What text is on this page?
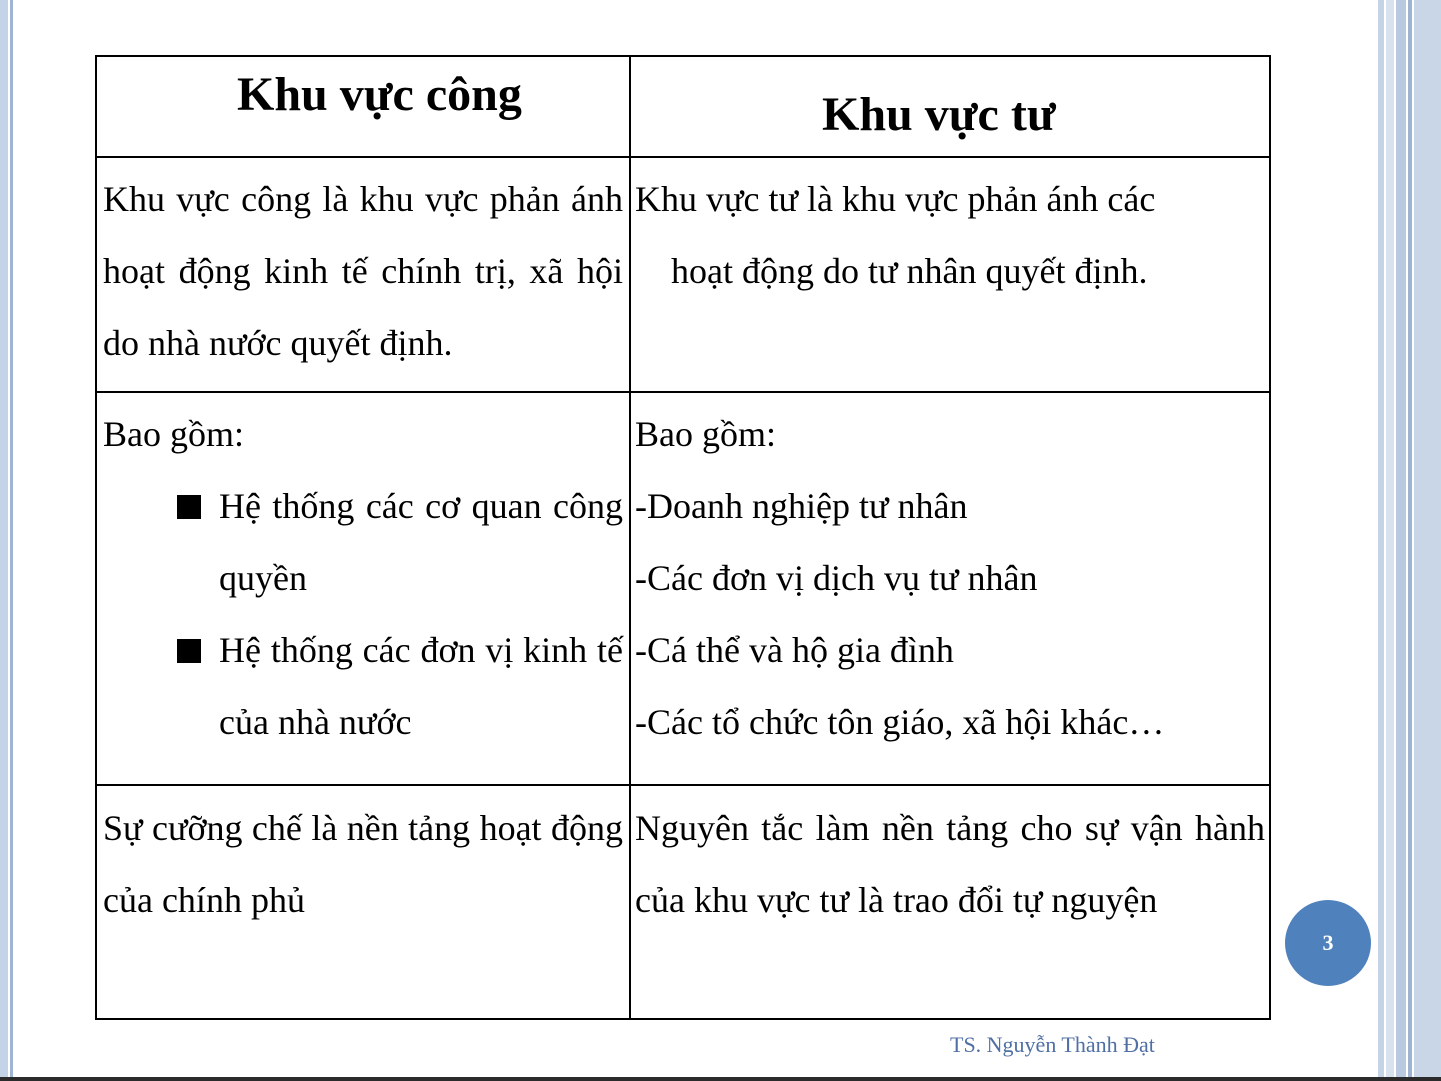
Khu vực công	Khu vực tư
Khu vực công là khu vực phản ánh hoạt động kinh tế chính trị, xã hội do nhà nước quyết định.
Khu vực tư là khu vực phản ánh các
hoạt động do tư nhân quyết định.
Bao gồm:
Hệ thống các cơ quan công quyền
Hệ thống các đơn vị kinh tế của nhà nước
Bao gồm:
-Doanh nghiệp tư nhân
-Các đơn vị dịch vụ tư nhân
-Cá thể và hộ gia đình
-Các tổ chức tôn giáo, xã hội khác…
Sự cưỡng chế là nền tảng hoạt động của chính phủ
Nguyên tắc làm nền tảng cho sự vận hành của khu vực tư là trao đổi tự nguyện
3
TS. Nguyễn Thành Đạt
